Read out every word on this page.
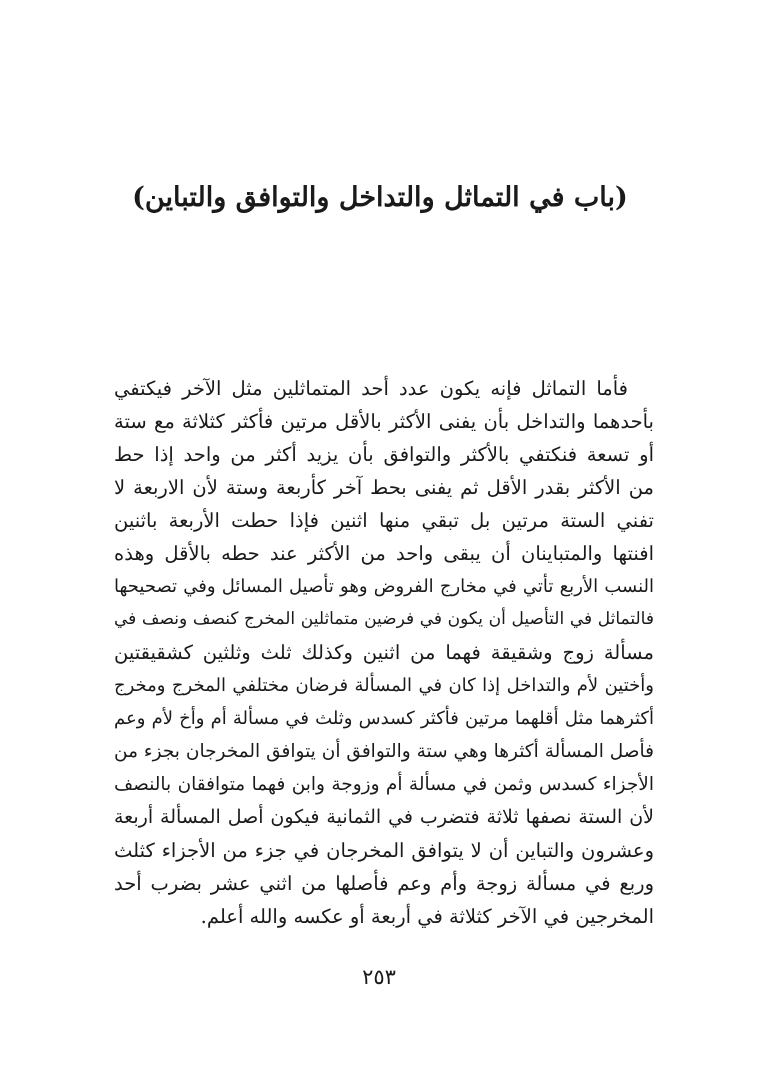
(باب في التماثل والتداخل والتوافق والتباين)
فأما التماثل فإنه يكون عدد أحد المتماثلين مثل الآخر فيكتفي
بأحدهما والتداخل بأن يفنى الأكثر بالأقل مرتين فأكثر كثلاثة مع ستة
أو تسعة فنكتفي بالأكثر والتوافق بأن يزيد أكثر من واحد إذا حط
من الأكثر بقدر الأقل ثم يفنى بحط آخر كأربعة وستة لأن الاربعة لا
تفني الستة مرتين بل تبقي منها اثنين فإذا حطت الأربعة باثنين
افنتها والمتباينان أن يبقى واحد من الأكثر عند حطه بالأقل وهذه
النسب الأربع تأتي في مخارج الفروض وهو تأصيل المسائل وفي تصحيحها
فالتماثل في التأصيل أن يكون في فرضين متماثلين المخرج كنصف ونصف في
مسألة زوج وشقيقة فهما من اثنين وكذلك ثلث وثلثين كشقيقتين
وأختين لأم والتداخل إذا كان في المسألة فرضان مختلفي المخرج ومخرج
أكثرهما مثل أقلهما مرتين فأكثر كسدس وثلث في مسألة أم وأخ لأم وعم
فأصل المسألة أكثرها وهي ستة والتوافق أن يتوافق المخرجان بجزء من
الأجزاء كسدس وثمن في مسألة أم وزوجة وابن فهما متوافقان بالنصف
لأن الستة نصفها ثلاثة فتضرب في الثمانية فيكون أصل المسألة أربعة
وعشرون والتباين أن لا يتوافق المخرجان في جزء من الأجزاء كثلث
وربع في مسألة زوجة وأم وعم فأصلها من اثني عشر بضرب أحد
المخرجين في الآخر كثلاثة في أربعة أو عكسه والله أعلم.
٢٥٣
